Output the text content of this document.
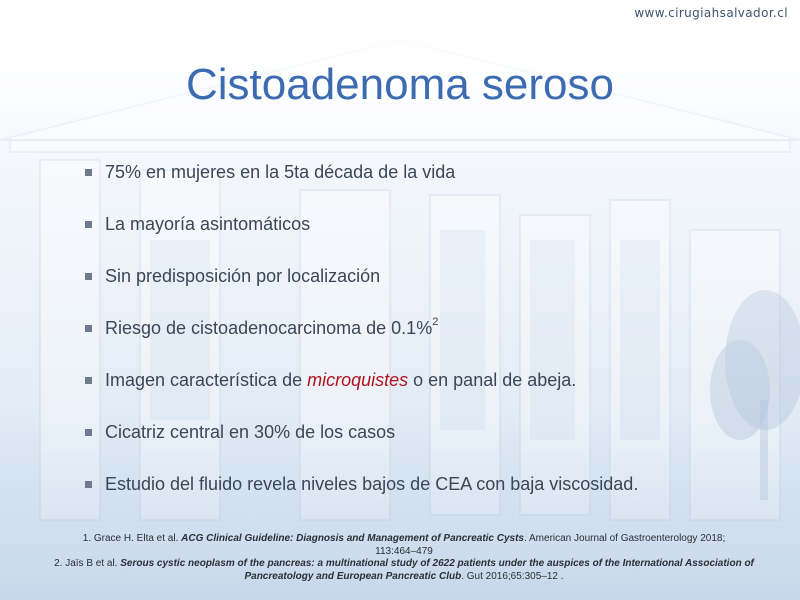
www.cirugiahsalvador.cl
Cistoadenoma seroso
75% en mujeres en la 5ta década de la vida
La mayoría asintomáticos
Sin predisposición por localización
Riesgo de cistoadenocarcinoma de 0.1%$^2$
Imagen característica de microquistes o en panal de abeja.
Cicatriz central en 30% de los casos
Estudio del fluido revela niveles bajos de CEA con baja viscosidad.

1. Grace H. Elta et al. ACG Clinical Guideline: Diagnosis and Management of Pancreatic Cysts. American Journal of Gastroenterology 2018;
113:464–479
2. Jaïs B et al. Serous cystic neoplasm of the pancreas: a multinational study of 2622 patients under the auspices of the International Association of Pancreatology and European Pancreatic Club. Gut 2016;65:305–12 .
